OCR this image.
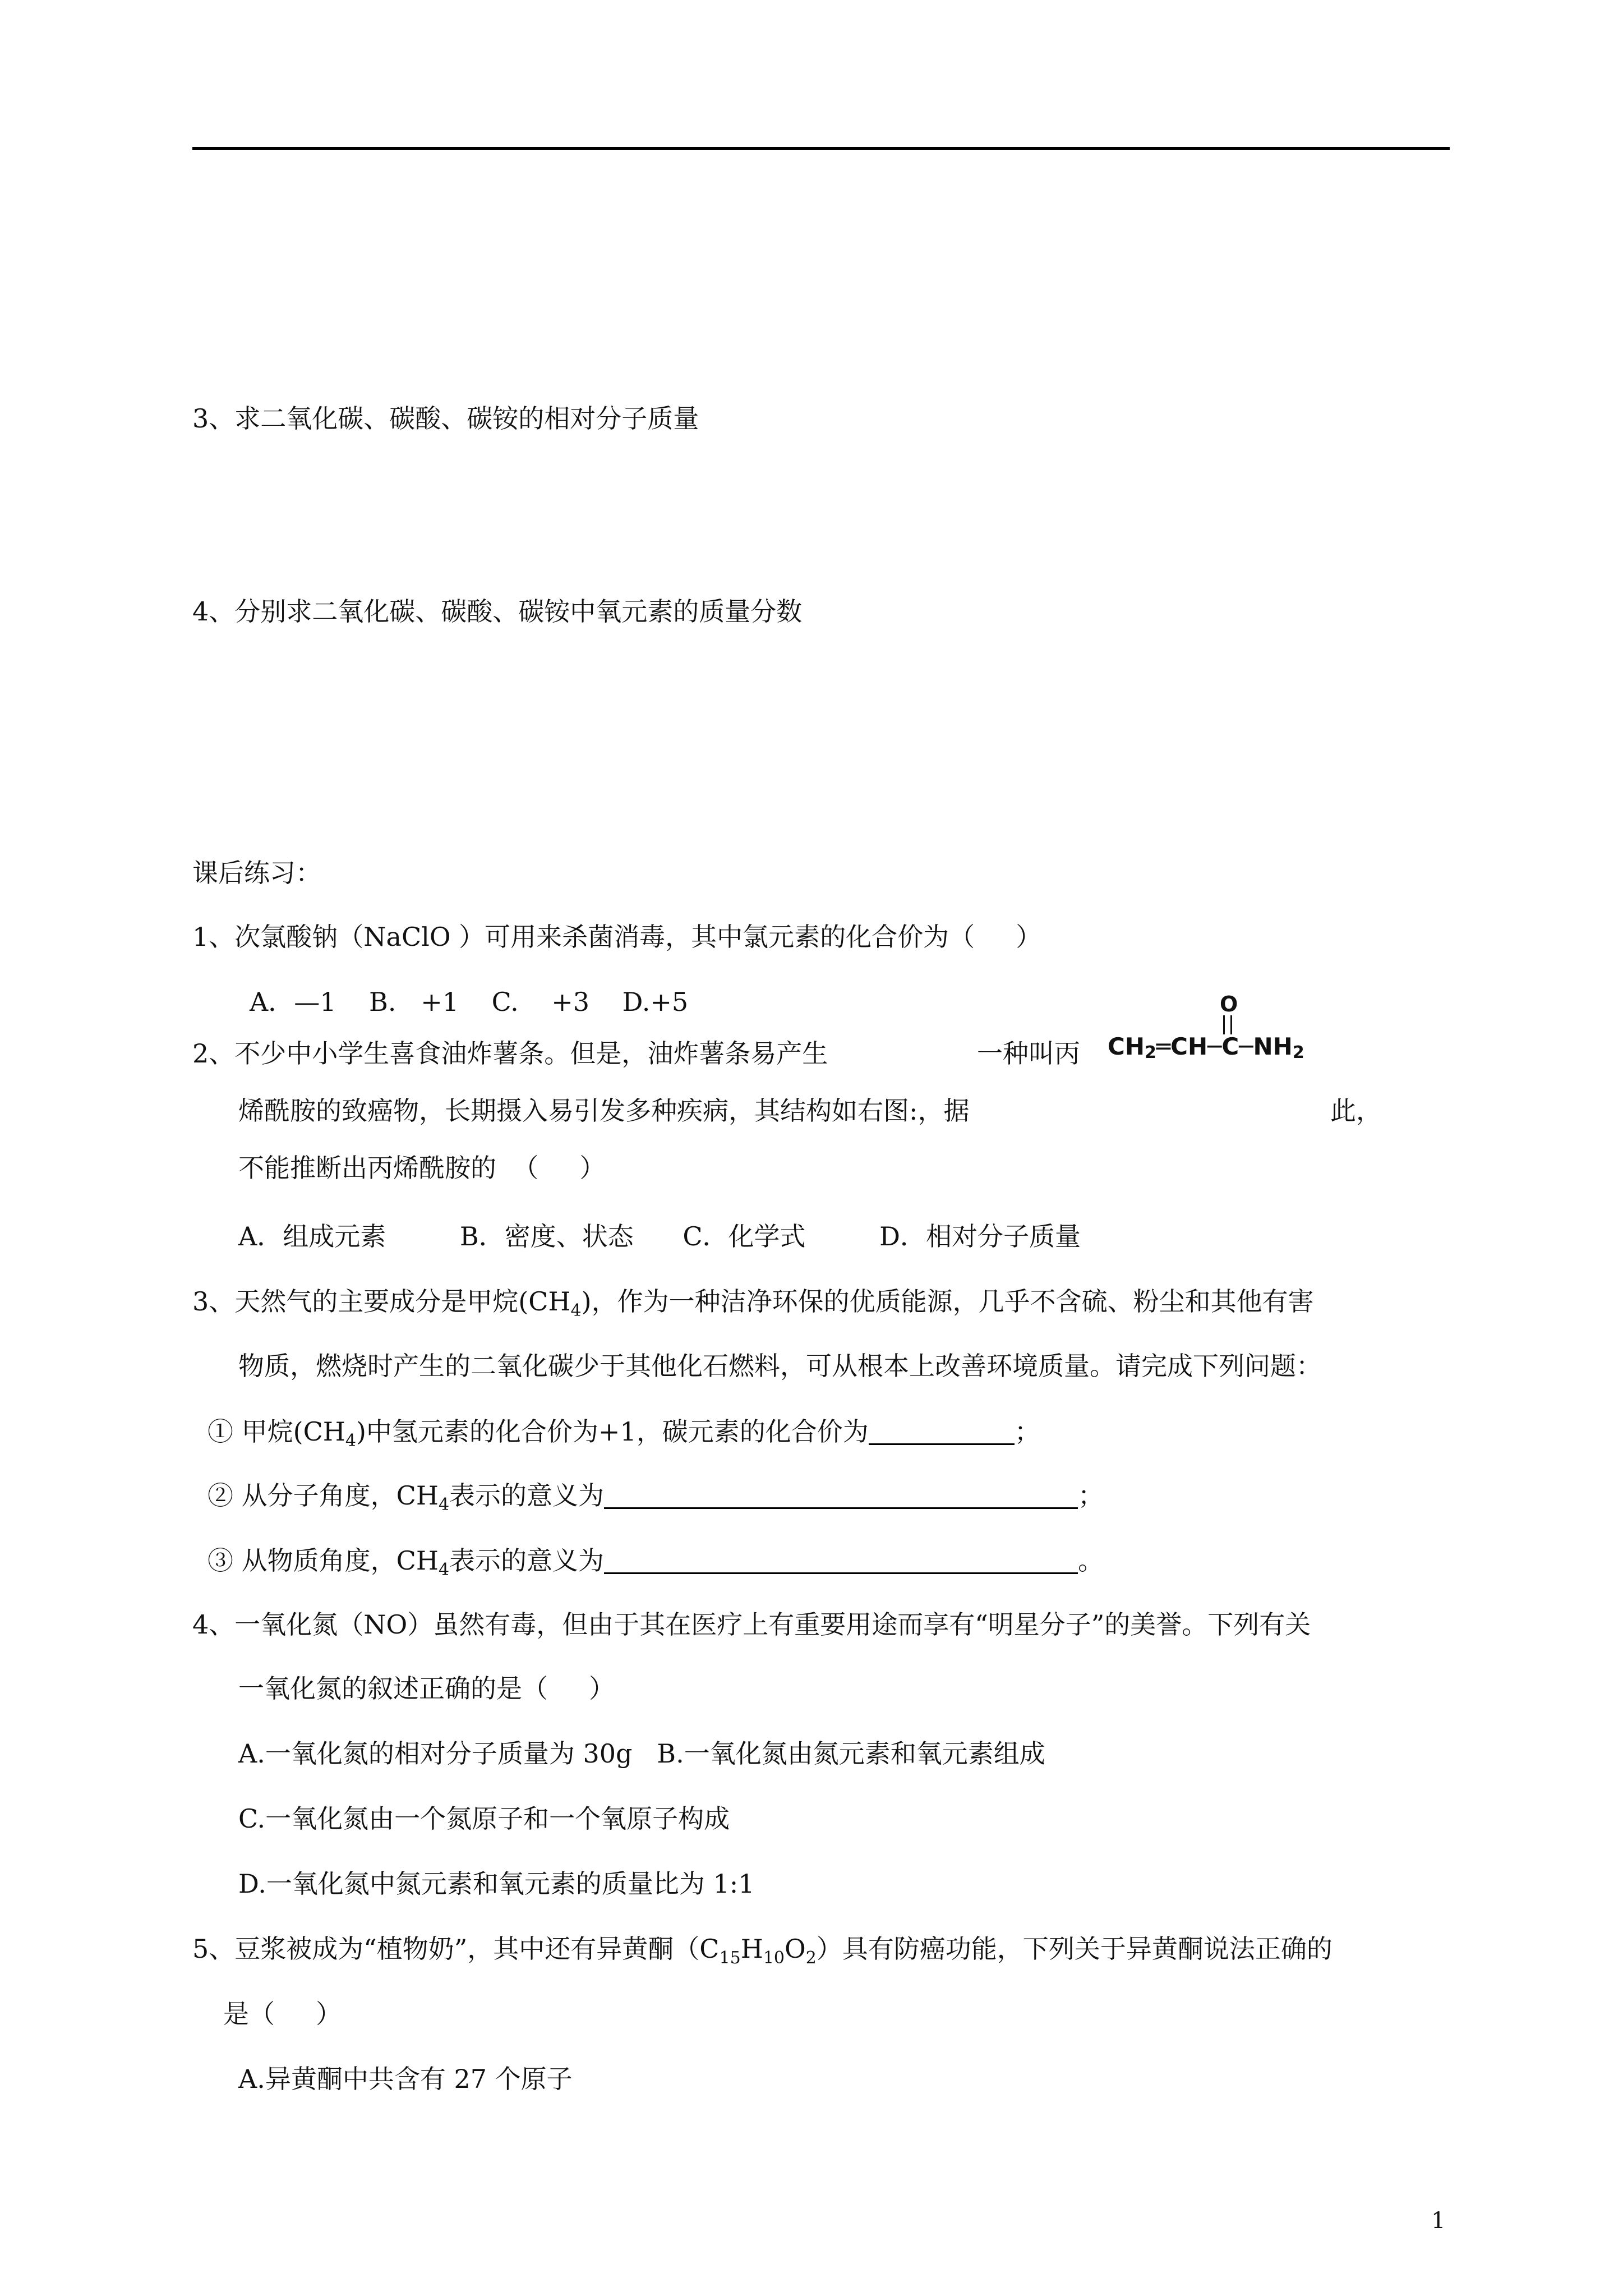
3、求二氧化碳、碳酸、碳铵的相对分子质量
4、分别求二氧化碳、碳酸、碳铵中氧元素的质量分数
课后练习：
1、次氯酸钠（NaClO ）可用来杀菌消毒，其中氯元素的化合价为（     ）
A．—1    B.   +1    C.    +3    D.+5
2、不少中小学生喜食油炸薯条。但是，油炸薯条易产生	一种叫丙
烯酰胺的致癌物，长期摄入易引发多种疾病，其结构如右图:，据	此，
不能推断出丙烯酰胺的  （     ）
O
$CH_2═CH─C─NH_2$
A．组成元素         B．密度、状态      C．化学式         D．相对分子质量
3、天然气的主要成分是甲烷$(CH_4)$，作为一种洁净环保的优质能源，几乎不含硫、粉尘和其他有害
物质，燃烧时产生的二氧化碳少于其他化石燃料，可从根本上改善环境质量。请完成下列问题：
① 甲烷$(CH_4)$中氢元素的化合价为+1，碳元素的化合价为	；
② 从分子角度，$CH_4$表示的意义为	；
③ 从物质角度，$CH_4$表示的意义为	。
4、一氧化氮（NO）虽然有毒，但由于其在医疗上有重要用途而享有“明星分子”的美誉。下列有关
一氧化氮的叙述正确的是（     ）
A.一氧化氮的相对分子质量为 30g   B.一氧化氮由氮元素和氧元素组成
C.一氧化氮由一个氮原子和一个氧原子构成
D.一氧化氮中氮元素和氧元素的质量比为 1:1
5、豆浆被成为“植物奶”，其中还有异黄酮$(C_{15}H_{10}O_2)$具有防癌功能，下列关于异黄酮说法正确的
是（     ）
A.异黄酮中共含有 27 个原子
1
